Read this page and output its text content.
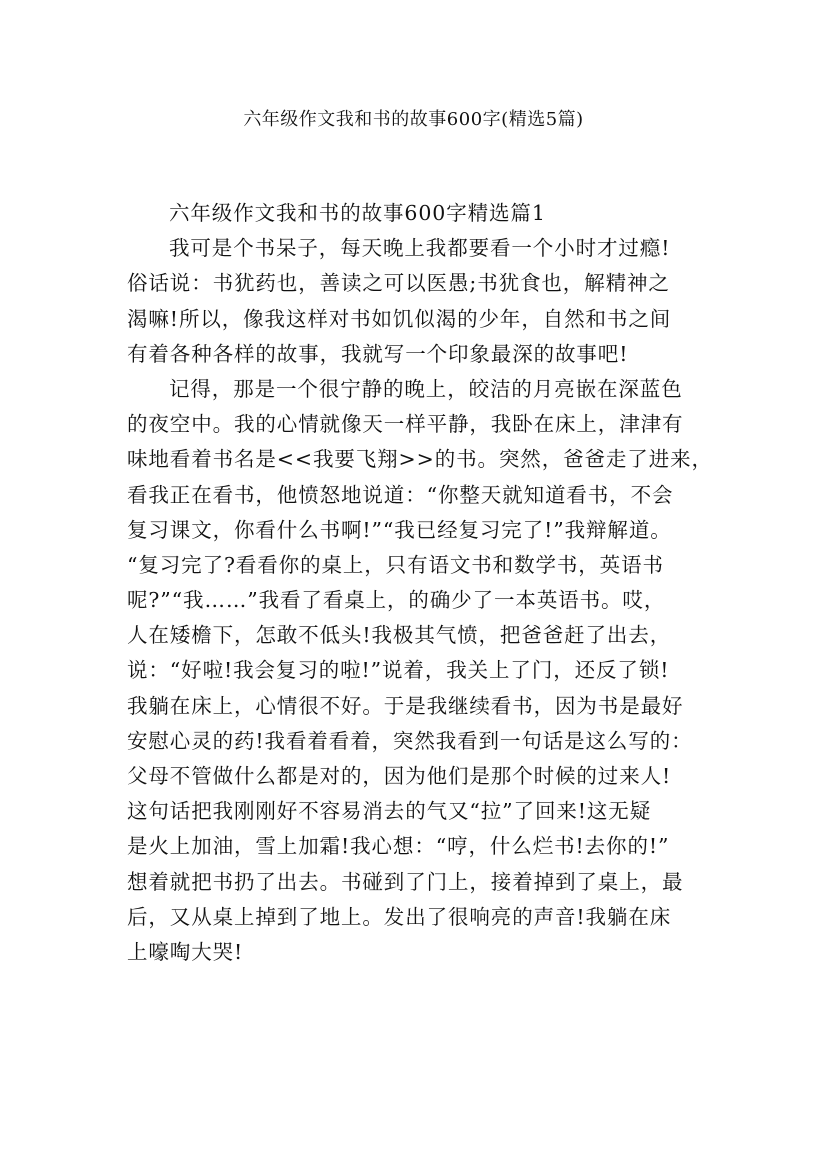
六年级作文我和书的故事600字(精选5篇)
六年级作文我和书的故事600字精选篇1
我可是个书呆子，每天晚上我都要看一个小时才过瘾!
俗话说：书犹药也，善读之可以医愚;书犹食也，解精神之
渴嘛!所以，像我这样对书如饥似渴的少年，自然和书之间
有着各种各样的故事，我就写一个印象最深的故事吧!
记得，那是一个很宁静的晚上，皎洁的月亮嵌在深蓝色
的夜空中。我的心情就像天一样平静，我卧在床上，津津有
味地看着书名是<<我要飞翔>>的书。突然，爸爸走了进来，
看我正在看书，他愤怒地说道：“你整天就知道看书，不会
复习课文，你看什么书啊!”“我已经复习完了!”我辩解道。
“复习完了?看看你的桌上，只有语文书和数学书，英语书
呢?”“我……”我看了看桌上，的确少了一本英语书。哎，
人在矮檐下，怎敢不低头!我极其气愤，把爸爸赶了出去，
说：“好啦!我会复习的啦!”说着，我关上了门，还反了锁!
我躺在床上，心情很不好。于是我继续看书，因为书是最好
安慰心灵的药!我看着看着，突然我看到一句话是这么写的：
父母不管做什么都是对的，因为他们是那个时候的过来人!
这句话把我刚刚好不容易消去的气又“拉”了回来!这无疑
是火上加油，雪上加霜!我心想：“哼，什么烂书!去你的!”
想着就把书扔了出去。书碰到了门上，接着掉到了桌上，最
后，又从桌上掉到了地上。发出了很响亮的声音!我躺在床
上嚎啕大哭!
